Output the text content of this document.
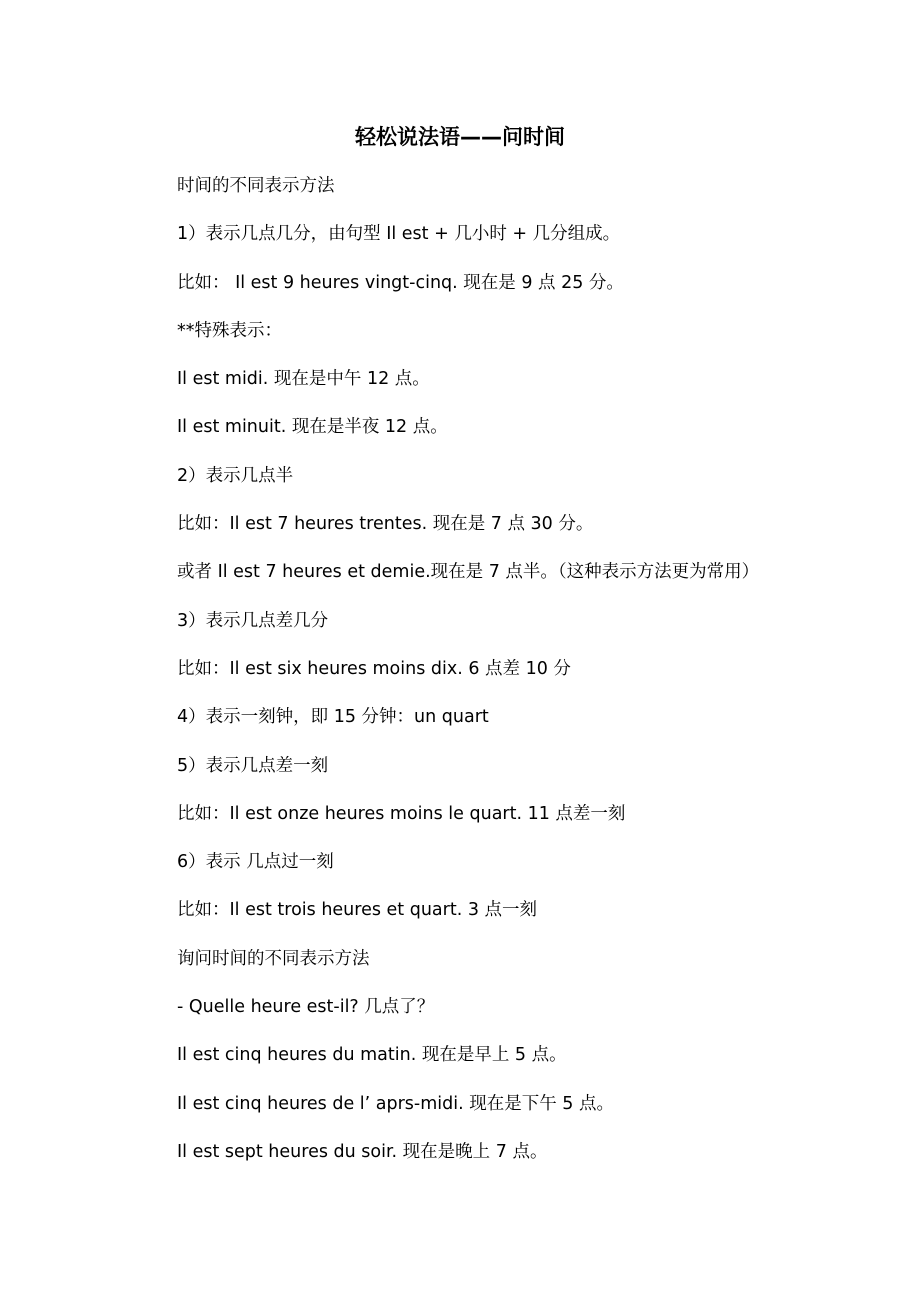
轻松说法语——问时间
时间的不同表示方法
1）表示几点几分，由句型 Il est + 几小时 + 几分组成。
比如： Il est 9 heures vingt-cinq. 现在是 9 点 25 分。
**特殊表示：
Il est midi. 现在是中午 12 点。
Il est minuit. 现在是半夜 12 点。
2）表示几点半
比如：Il est 7 heures trentes. 现在是 7 点 30 分。
或者 Il est 7 heures et demie.现在是 7 点半。（这种表示方法更为常用）
3）表示几点差几分
比如：Il est six heures moins dix. 6 点差 10 分
4）表示一刻钟，即 15 分钟：un quart
5）表示几点差一刻
比如：Il est onze heures moins le quart. 11 点差一刻
6）表示 几点过一刻
比如：Il est trois heures et quart. 3 点一刻
询问时间的不同表示方法
- Quelle heure est-il? 几点了？
Il est cinq heures du matin. 现在是早上 5 点。
Il est cinq heures de l’ aprs-midi. 现在是下午 5 点。
Il est sept heures du soir. 现在是晚上 7 点。
